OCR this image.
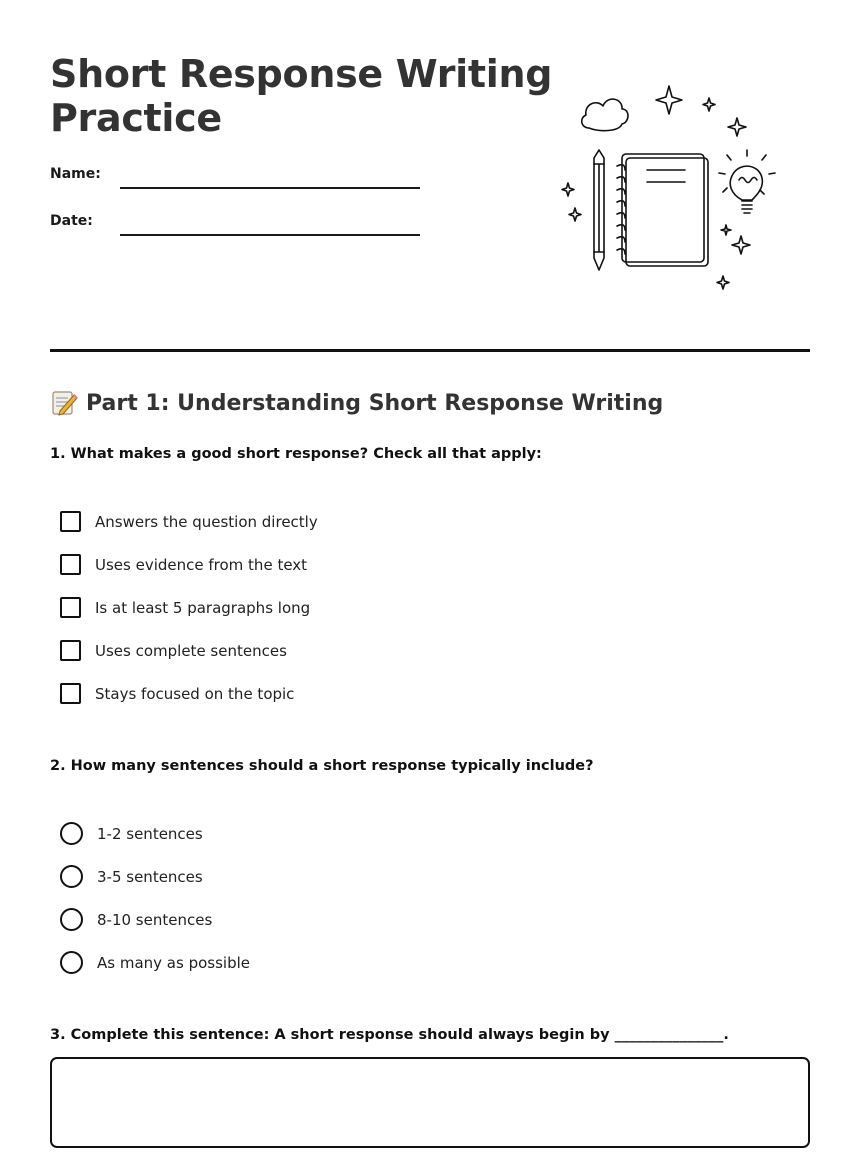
Short Response Writing
Practice
Name:
Date:
Part 1: Understanding Short Response Writing

1. What makes a good short response? Check all that apply:

Answers the question directly
Uses evidence from the text
Is at least 5 paragraphs long
Uses complete sentences
Stays focused on the topic

2. How many sentences should a short response typically include?

1-2 sentences
3-5 sentences
8-10 sentences
As many as possible

3. Complete this sentence: A short response should always begin by _______________.
